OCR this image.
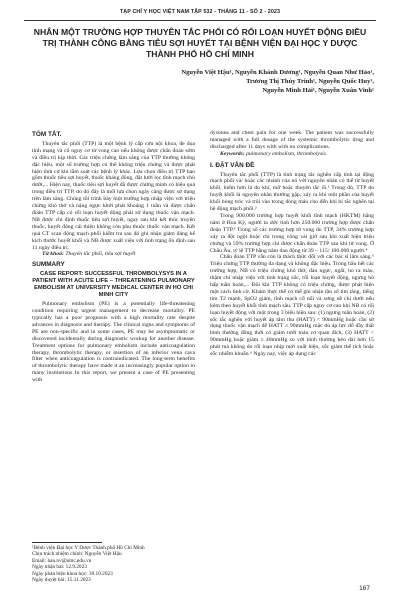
TẠP CHÍ Y HỌC VIỆT NAM TẬP 532 - THÁNG 11 - SỐ 2 - 2023
NHÂN MỘT TRƯỜNG HỢP THUYÊN TẮC PHỔI CÓ RỐI LOẠN HUYẾT ĐỘNG ĐIỀU TRỊ THÀNH CÔNG BẰNG TIÊU SỢI HUYẾT TẠI BỆNH VIỆN ĐẠI HỌC Y DƯỢC THÀNH PHỐ HỒ CHÍ MINH
Nguyễn Việt Hậu¹, Nguyễn Khánh Dương¹, Nguyễn Quan Như Hảo¹,
Trương Thị Thúy Trinh¹, Nguyễn Quốc Huy¹,
Nguyễn Minh Hải¹, Nguyễn Xuân Vinh¹

TÓM TẮT.

Thuyên tắc phổi (TTP) là một bệnh lý cấp cứu nội khoa, đe dọa tính mạng và có nguy cơ tử vong cao nếu không được chẩn đoán sớm và điều trị kịp thời. Các triệu chứng lâm sàng của TTP thường không đặc hiệu, một số trường hợp có thể không triệu chứng và được phát hiện tình cờ khi tầm soát các bệnh lý khác. Lựa chọn điều trị TTP bao gồm thuốc tiêu sợi huyết, thuốc kháng đông, đặt lưới lọc tĩnh mạch chủ dưới,... Hiện nay, thuốc tiêu sợi huyết đã được chứng minh có hiệu quả trong điều trị TTP, do đó đây là mối lựa chọn ngày càng được sử dụng trên lâm sàng. Chúng tôi trình bày một trường hợp nhập viện với triệu chứng khó thở và nặng ngực khởi phát khoảng 1 tuần và được chẩn đoán TTP cấp có rối loạn huyết động phải sử dụng thuốc vận mạch. NB được chỉ định thuốc tiêu sợi huyết, ngay sau khi kết thúc truyền thuốc, huyết động cải thiện không còn phụ thuộc thuốc vận mạch. Kết quả CT scan động mạch phổi kiểm tra sau đó ghi nhận giảm đáng kể kích thước huyết khối và NB được xuất viện với tình trạng ổn định sau 11 ngày điều trị.

Từ khoá: Thuyên tắc phổi, tiêu sợi huyết

SUMMARY

CASE REPORT: SUCCESSFUL THROMBOLYSYS IN A PATIENT WITH ACUTE LIFE – THREATENING PULMONARY EMBOLISM AT UNIVERSITY MEDICAL CENTER IN HO CHI MINH CITY

Pulmonary embolism (PE) is a potentially life-threatening condition requiring urgent management to decrease mortality. PE typically has a poor prognosis with a high mortality rate despite advances in diagnosis and therapy. The clinical signs and symptoms of PE are non-specific and in some cases, PE may be asymptomatic or discovered incidentally during diagnostic workup for another disease. Treatment options for pulmonary embolism include anticoagulation therapy, thrombolytic therapy, or insertion of an inferior vena cava filter when anticoagulation is contraindicated. The long-term benefits of thrombolytic therapy have made it an increasingly popular option in many institutions In this report, we present a case of PE presenting with

¹Bệnh viện Đại học Y Dược Thành phố Hồ Chí Minh
Chịu trách nhiệm chính: Nguyễn Việt Hậu
Email: hau.nv@umc.edu.vn
Ngày nhận bài: 12.9.2023
Ngày phản biện khoa học: 30.10.2023
Ngày duyệt bài: 15.11.2023

dysonea and chest pain for one week. The patient was successfully managed with a full dosage of the systemic thrombolytic drug and discharged after 11 days with with no complications.

Keywords: pulmonary embolism, thrombolysis

I. ĐẶT VẤN ĐỀ

Thuyên tắc phổi (TTP) là tình trạng tắc nghẽn cấp tính tại động mạch phổi và/ hoặc các nhánh của nó với nguyên nhân có thể từ huyết khối, hiếm hơn là do khí, mỡ hoặc thuyên tắc ối.¹ Trong đó, TTP do huyết khối là nguyên nhân thường gặp, xảy ra khi một phần của huyết khối bong tróc và trôi vào trong dòng máu cho đến khi bị tắc nghẽn tại hệ động mạch phổi.²

Trong 900.000 trường hợp huyết khối tĩnh mạch (HKTM) hằng năm ở Hoa Kỳ, người ta ước tính hơn 250.000 trường hợp được chẩn đoán TTP.³ Trong số các trường hợp tử vong do TTP, 34% trường hợp xảy ra đột ngột hoặc chỉ trong vòng vài giờ sau khi xuất hiện triệu chứng và 59% trường hợp chỉ được chẩn đoán TTP sau khi tử vong. Ở Châu Âu, tỷ lệ TTP hằng năm dao động từ 39 – 115/ 100.000 người.⁴

Chẩn đoán TTP vẫn còn là thách thức đối với các bác sĩ lâm sàng.⁵ Triệu chứng TTP thường đa dạng và không đặc hiệu. Trong hầu hết các trường hợp, NB có triệu chứng khó thở, đau ngực, ngất, ho ra máu, thậm chí nhập viện với tình trạng sốc, rối loạn huyết động, ngưng hô hấp tuần hoàn,... Đôi khi TTP không có triệu chứng, được phát hiện một cách tình cờ. Khám thực thể có thể ghi nhận tần số tim tăng, tiếng tim T2 mạnh, SpO2 giảm, tĩnh mạch cổ nổi và sưng nề chi dưới nếu kèm theo huyết khối tĩnh mạch sâu. TTP cấp nguy cơ cao khi NB có rối loạn huyết động với một trong 3 biểu hiện sau: (1) ngưng tuần hoàn, (2) sốc tắc nghẽn với huyết áp tâm thu (HATT) < 90mmHg hoặc cần sử dụng thuốc vận mạch để HATT ≥ 90mmHg mặc dù áp lực đổ đầy thất bình thường đồng thời có giảm tưới máu cơ quan đích, (3) HATT < 90mmHg hoặc giảm ≥ 40mmHg so với bình thường kéo dài hơn 15 phút mà không do rối loạn nhịp mới xuất hiện, sốc giảm thể tích hoặc sốc nhiễm khuẩn.⁶ Ngày nay, việc áp dụng các

167
